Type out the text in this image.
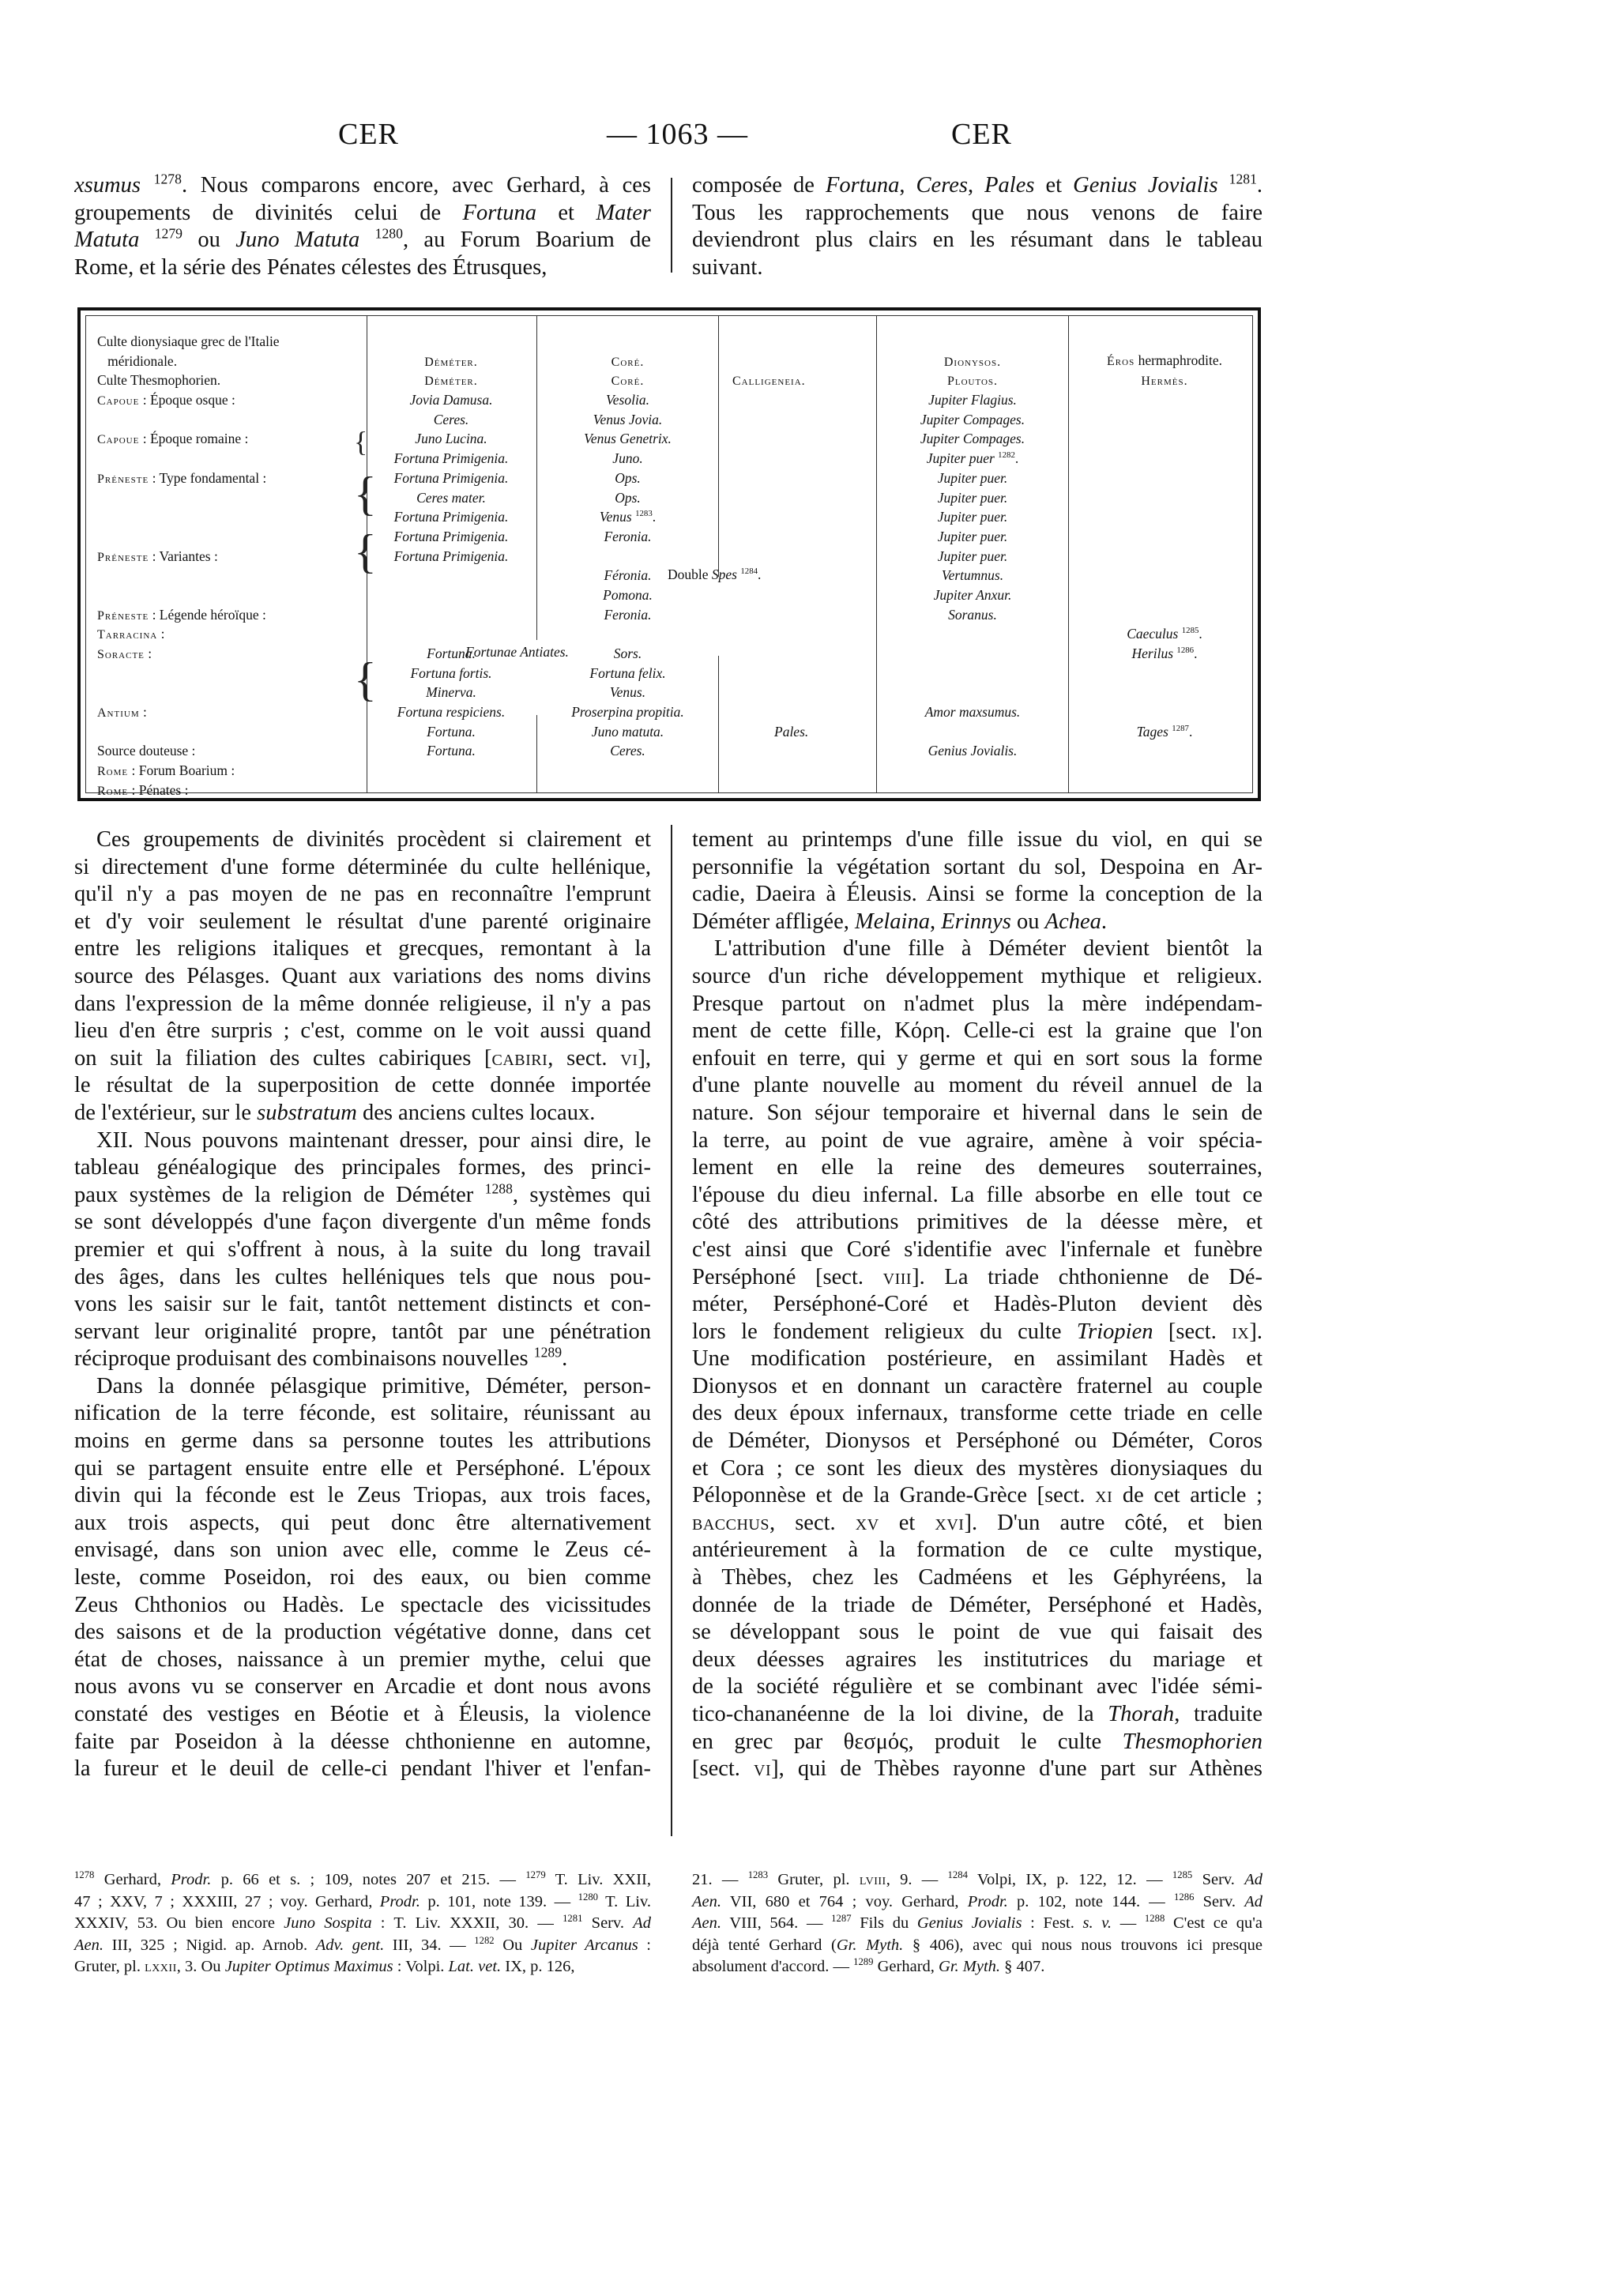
CER	— 1063 —	CER
xsumus $^{1278}$. Nous comparons encore, avec Gerhard, à ces
groupements de divinités celui de Fortuna et Mater
Matuta $^{1279}$ ou Juno Matuta $^{1280}$, au Forum Boarium de
Rome, et la série des Pénates célestes des Étrusques,
composée de Fortuna, Ceres, Pales et Genius Jovialis $^{1281}$.
Tous les rapprochements que nous venons de faire
deviendront plus clairs en les résumant dans le tableau
suivant.
Culte dionysiaque grec de l'Italie
méridionale.
Culte Thesmophorien.
Capoue : Époque osque :

Capoue : Époque romaine :

Préneste : Type fondamental :

Préneste : Variantes :

Préneste : Légende héroïque :
Tarracina :
Soracte :

Antium :

Source douteuse :
Rome : Forum Boarium :
Rome : Pénates :

Déméter.
Déméter.
Jovia Damusa.
Ceres.
Juno Lucina.
Fortuna Primigenia.
Fortuna Primigenia.
Ceres mater.
Fortuna Primigenia.
Fortuna Primigenia.
Fortuna Primigenia.

Fortuna.
Fortuna fortis.
Minerva.
Fortuna respiciens.
Fortuna.
Fortuna.

Coré.
Coré.
Vesolia.
Venus Jovia.
Venus Genetrix.
Juno.
Ops.
Ops.
Venus $^{1283}$.
Feronia.

Féronia.
Pomona.
Feronia.

Sors.
Fortuna felix.
Venus.
Proserpina propitia.
Juno matuta.
Ceres.

Dionysos.
Ploutos.
Jupiter Flagius.
Jupiter Compages.
Jupiter Compages.
Jupiter puer $^{1282}$.
Jupiter puer.
Jupiter puer.
Jupiter puer.
Jupiter puer.
Jupiter puer.
Vertumnus.
Jupiter Anxur.
Soranus.

Amor maxsumus.

Genius Jovialis.

Éros hermaphrodite.
Hermès.
Caeculus $^{1285}$.
Herilus $^{1286}$.
Tages $^{1287}$.
Calligeneia.
Pales.
Double Spes $^{1284}$.
Fortunae Antiates.
{
{
{
{
Ces groupements de divinités procèdent si clairement et
si directement d'une forme déterminée du culte hellénique,
qu'il n'y a pas moyen de ne pas en reconnaître l'emprunt
et d'y voir seulement le résultat d'une parenté originaire
entre les religions italiques et grecques, remontant à la
source des Pélasges. Quant aux variations des noms divins
dans l'expression de la même donnée religieuse, il n'y a pas
lieu d'en être surpris ; c'est, comme on le voit aussi quand
on suit la filiation des cultes cabiriques [cabiri, sect. vi],
le résultat de la superposition de cette donnée importée
de l'extérieur, sur le substratum des anciens cultes locaux.
XII. Nous pouvons maintenant dresser, pour ainsi dire, le
tableau généalogique des principales formes, des princi-
paux systèmes de la religion de Déméter $^{1288}$, systèmes qui
se sont développés d'une façon divergente d'un même fonds
premier et qui s'offrent à nous, à la suite du long travail
des âges, dans les cultes helléniques tels que nous pou-
vons les saisir sur le fait, tantôt nettement distincts et con-
servant leur originalité propre, tantôt par une pénétration
réciproque produisant des combinaisons nouvelles $^{1289}$.
Dans la donnée pélasgique primitive, Déméter, person-
nification de la terre féconde, est solitaire, réunissant au
moins en germe dans sa personne toutes les attributions
qui se partagent ensuite entre elle et Perséphoné. L'époux
divin qui la féconde est le Zeus Triopas, aux trois faces,
aux trois aspects, qui peut donc être alternativement
envisagé, dans son union avec elle, comme le Zeus cé-
leste, comme Poseidon, roi des eaux, ou bien comme
Zeus Chthonios ou Hadès. Le spectacle des vicissitudes
des saisons et de la production végétative donne, dans cet
état de choses, naissance à un premier mythe, celui que
nous avons vu se conserver en Arcadie et dont nous avons
constaté des vestiges en Béotie et à Éleusis, la violence
faite par Poseidon à la déesse chthonienne en automne,
la fureur et le deuil de celle-ci pendant l'hiver et l'enfan-
tement au printemps d'une fille issue du viol, en qui se
personnifie la végétation sortant du sol, Despoina en Ar-
cadie, Daeira à Éleusis. Ainsi se forme la conception de la
Déméter affligée, Melaina, Erinnys ou Achea.
L'attribution d'une fille à Déméter devient bientôt la
source d'un riche développement mythique et religieux.
Presque partout on n'admet plus la mère indépendam-
ment de cette fille, Κόρη. Celle-ci est la graine que l'on
enfouit en terre, qui y germe et qui en sort sous la forme
d'une plante nouvelle au moment du réveil annuel de la
nature. Son séjour temporaire et hivernal dans le sein de
la terre, au point de vue agraire, amène à voir spécia-
lement en elle la reine des demeures souterraines,
l'épouse du dieu infernal. La fille absorbe en elle tout ce
côté des attributions primitives de la déesse mère, et
c'est ainsi que Coré s'identifie avec l'infernale et funèbre
Perséphoné [sect. viii]. La triade chthonienne de Dé-
méter, Perséphoné-Coré et Hadès-Pluton devient dès
lors le fondement religieux du culte Triopien [sect. ix].
Une modification postérieure, en assimilant Hadès et
Dionysos et en donnant un caractère fraternel au couple
des deux époux infernaux, transforme cette triade en celle
de Déméter, Dionysos et Perséphoné ou Déméter, Coros
et Cora ; ce sont les dieux des mystères dionysiaques du
Péloponnèse et de la Grande-Grèce [sect. xi de cet article ;
bacchus, sect. xv et xvi]. D'un autre côté, et bien
antérieurement à la formation de ce culte mystique,
à Thèbes, chez les Cadméens et les Géphyréens, la
donnée de la triade de Déméter, Perséphoné et Hadès,
se développant sous le point de vue qui faisait des
deux déesses agraires les institutrices du mariage et
de la société régulière et se combinant avec l'idée sémi-
tico-chananéenne de la loi divine, de la Thorah, traduite
en grec par θεσμός, produit le culte Thesmophorien
[sect. vi], qui de Thèbes rayonne d'une part sur Athènes
$^{1278}$ Gerhard, Prodr. p. 66 et s. ; 109, notes 207 et 215. — $^{1279}$ T. Liv. XXII,
47 ; XXV, 7 ; XXXIII, 27 ; voy. Gerhard, Prodr. p. 101, note 139. — $^{1280}$ T. Liv.
XXXIV, 53. Ou bien encore Juno Sospita : T. Liv. XXXII, 30. — $^{1281}$ Serv. Ad
Aen. III, 325 ; Nigid. ap. Arnob. Adv. gent. III, 34. — $^{1282}$ Ou Jupiter Arcanus :
Gruter, pl. lxxii, 3. Ou Jupiter Optimus Maximus : Volpi. Lat. vet. IX, p. 126,
21. — $^{1283}$ Gruter, pl. lviii, 9. — $^{1284}$ Volpi, IX, p. 122, 12. — $^{1285}$ Serv. Ad
Aen. VII, 680 et 764 ; voy. Gerhard, Prodr. p. 102, note 144. — $^{1286}$ Serv. Ad
Aen. VIII, 564. — $^{1287}$ Fils du Genius Jovialis : Fest. s. v. — $^{1288}$ C'est ce qu'a
déjà tenté Gerhard (Gr. Myth. § 406), avec qui nous nous trouvons ici presque
absolument d'accord. — $^{1289}$ Gerhard, Gr. Myth. § 407.
